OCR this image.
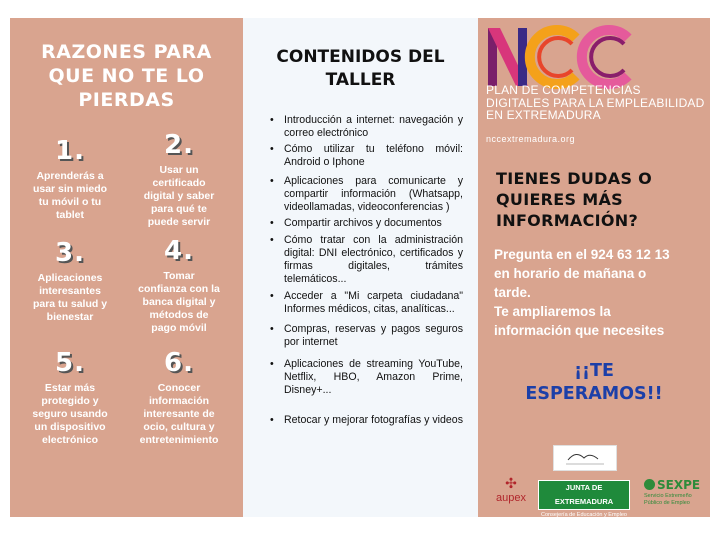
RAZONES PARA
QUE NO TE LO
PIERDAS
1.
Aprenderás a
usar sin miedo
tu móvil o tu
tablet
2.
Usar un
certificado
digital y saber
para qué te
puede servir
3.
Aplicaciones
interesantes
para tu salud y
bienestar
4.
Tomar
confianza con la
banca digital y
métodos de
pago móvil
5.
Estar más
protegido y
seguro usando
un dispositivo
electrónico
6.
Conocer
información
interesante de
ocio, cultura y
entretenimiento
CONTENIDOS DEL
TALLER
• Introducción a internet: navegación y correo electrónico
• Cómo utilizar tu teléfono móvil: Android o Iphone
• Aplicaciones para comunicarte y compartir información (Whatsapp, videollamadas, videoconferencias )
• Compartir archivos y documentos
• Cómo tratar con la administración digital: DNI electrónico, certificados y firmas digitales, trámites telemáticos...
• Acceder a "Mi carpeta ciudadana" Informes médicos, citas, analíticas...
• Compras, reservas y pagos seguros por internet
• Aplicaciones de streaming YouTube, Netflix, HBO, Amazon Prime, Disney+...
• Retocar y mejorar fotografías y videos
PLAN DE COMPETENCIAS
DIGITALES PARA LA EMPLEABILIDAD
EN EXTREMADURA
nccextremadura.org
TIENES DUDAS O
QUIERES MÁS
INFORMACIÓN?
Pregunta en el 924 63 12 13
en horario de mañana o
tarde.
Te ampliaremos la
información que necesites
¡¡TE
ESPERAMOS!!
✣
aupex
JUNTA DE EXTREMADURA
Consejería de Educación y Empleo
SEXPE
Servicio Extremeño
Público de Empleo
